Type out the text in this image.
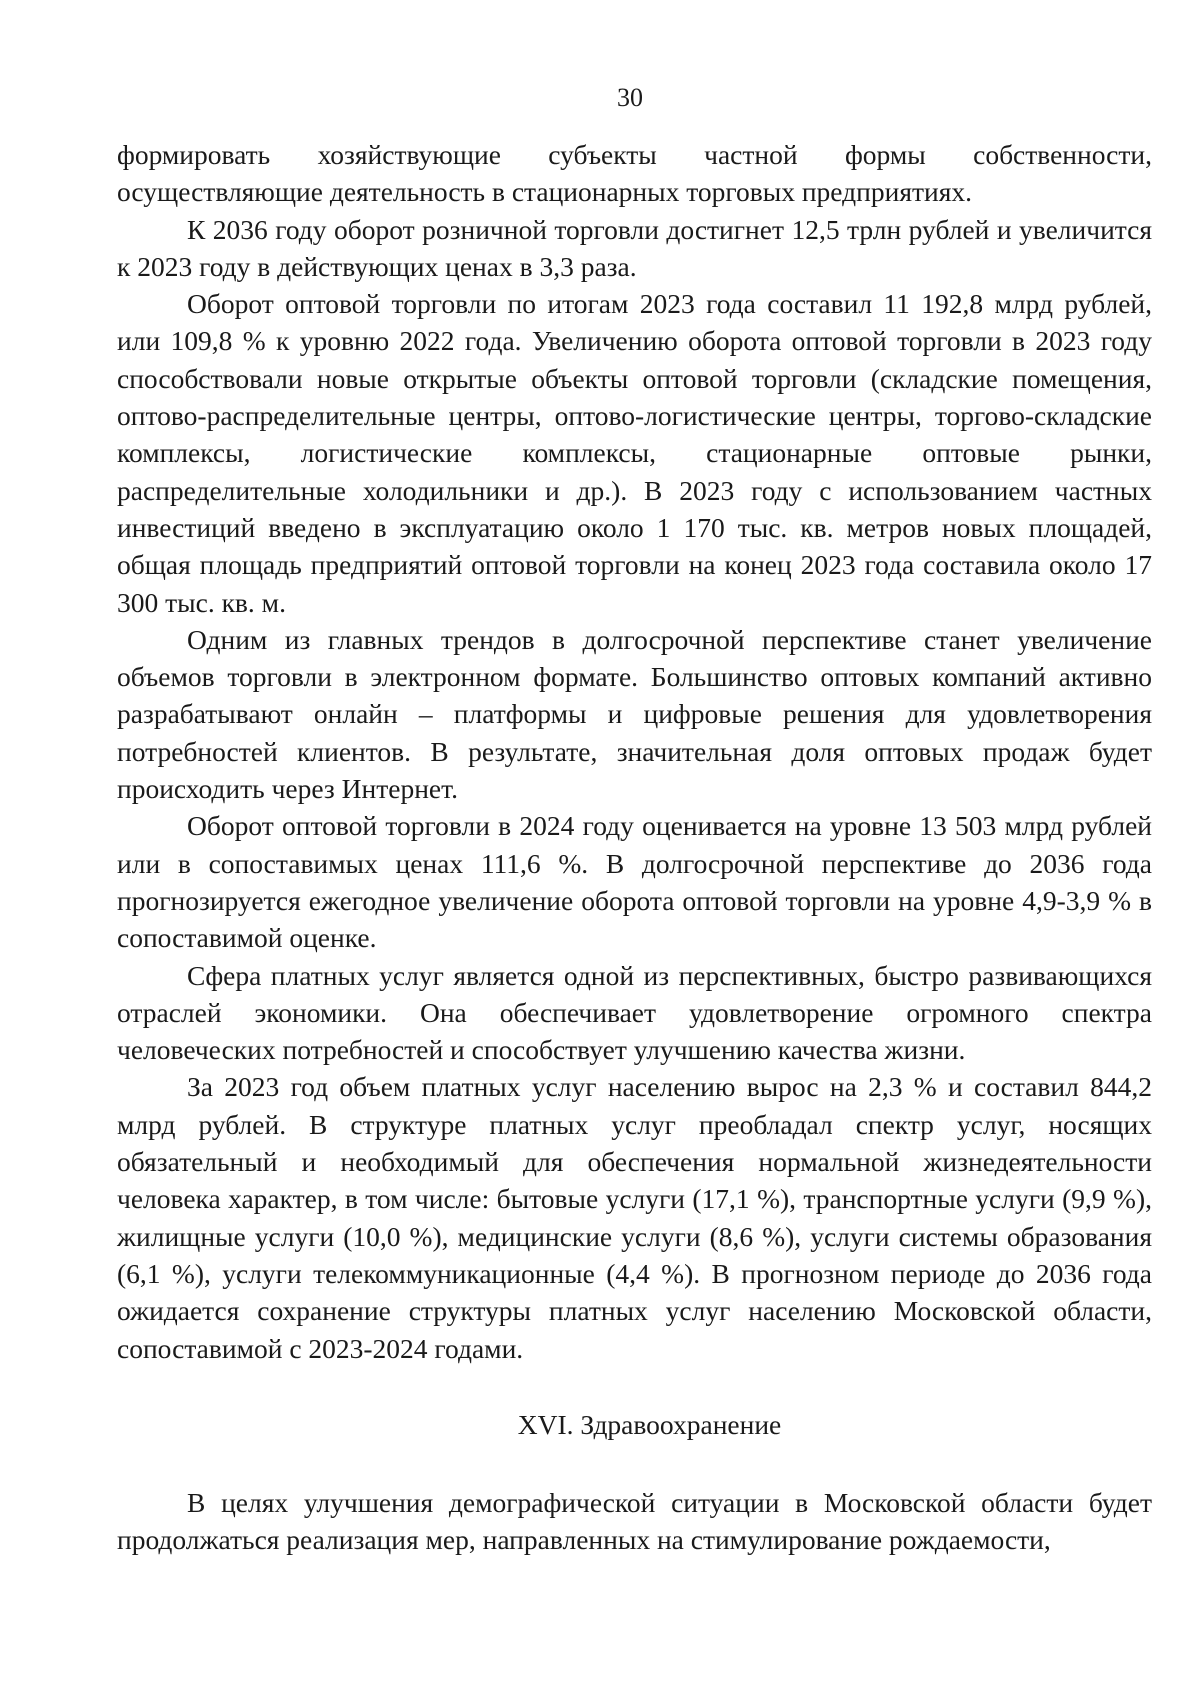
30

формировать хозяйствующие субъекты частной формы собственности, осуществляющие деятельность в стационарных торговых предприятиях.

К 2036 году оборот розничной торговли достигнет 12,5 трлн рублей и увеличится к 2023 году в действующих ценах в 3,3 раза.

Оборот оптовой торговли по итогам 2023 года составил 11 192,8 млрд рублей, или 109,8 % к уровню 2022 года. Увеличению оборота оптовой торговли в 2023 году способствовали новые открытые объекты оптовой торговли (складские помещения, оптово-распределительные центры, оптово-логистические центры, торгово-складские комплексы, логистические комплексы, стационарные оптовые рынки, распределительные холодильники и др.). В 2023 году с использованием частных инвестиций введено в эксплуатацию около 1 170 тыс. кв. метров новых площадей, общая площадь предприятий оптовой торговли на конец 2023 года составила около 17 300 тыс. кв. м.

Одним из главных трендов в долгосрочной перспективе станет увеличение объемов торговли в электронном формате. Большинство оптовых компаний активно разрабатывают онлайн – платформы и цифровые решения для удовлетворения потребностей клиентов. В результате, значительная доля оптовых продаж будет происходить через Интернет.

Оборот оптовой торговли в 2024 году оценивается на уровне 13 503 млрд рублей или в сопоставимых ценах 111,6 %. В долгосрочной перспективе до 2036 года прогнозируется ежегодное увеличение оборота оптовой торговли на уровне 4,9-3,9 % в сопоставимой оценке.

Сфера платных услуг является одной из перспективных, быстро развивающихся отраслей экономики. Она обеспечивает удовлетворение огромного спектра человеческих потребностей и способствует улучшению качества жизни.

За 2023 год объем платных услуг населению вырос на 2,3 % и составил 844,2 млрд рублей. В структуре платных услуг преобладал спектр услуг, носящих обязательный и необходимый для обеспечения нормальной жизнедеятельности человека характер, в том числе: бытовые услуги (17,1 %), транспортные услуги (9,9 %), жилищные услуги (10,0 %), медицинские услуги (8,6 %), услуги системы образования (6,1 %), услуги телекоммуникационные (4,4 %). В прогнозном периоде до 2036 года ожидается сохранение структуры платных услуг населению Московской области, сопоставимой с 2023-2024 годами.

XVI. Здравоохранение

В целях улучшения демографической ситуации в Московской области будет продолжаться реализация мер, направленных на стимулирование рождаемости,
